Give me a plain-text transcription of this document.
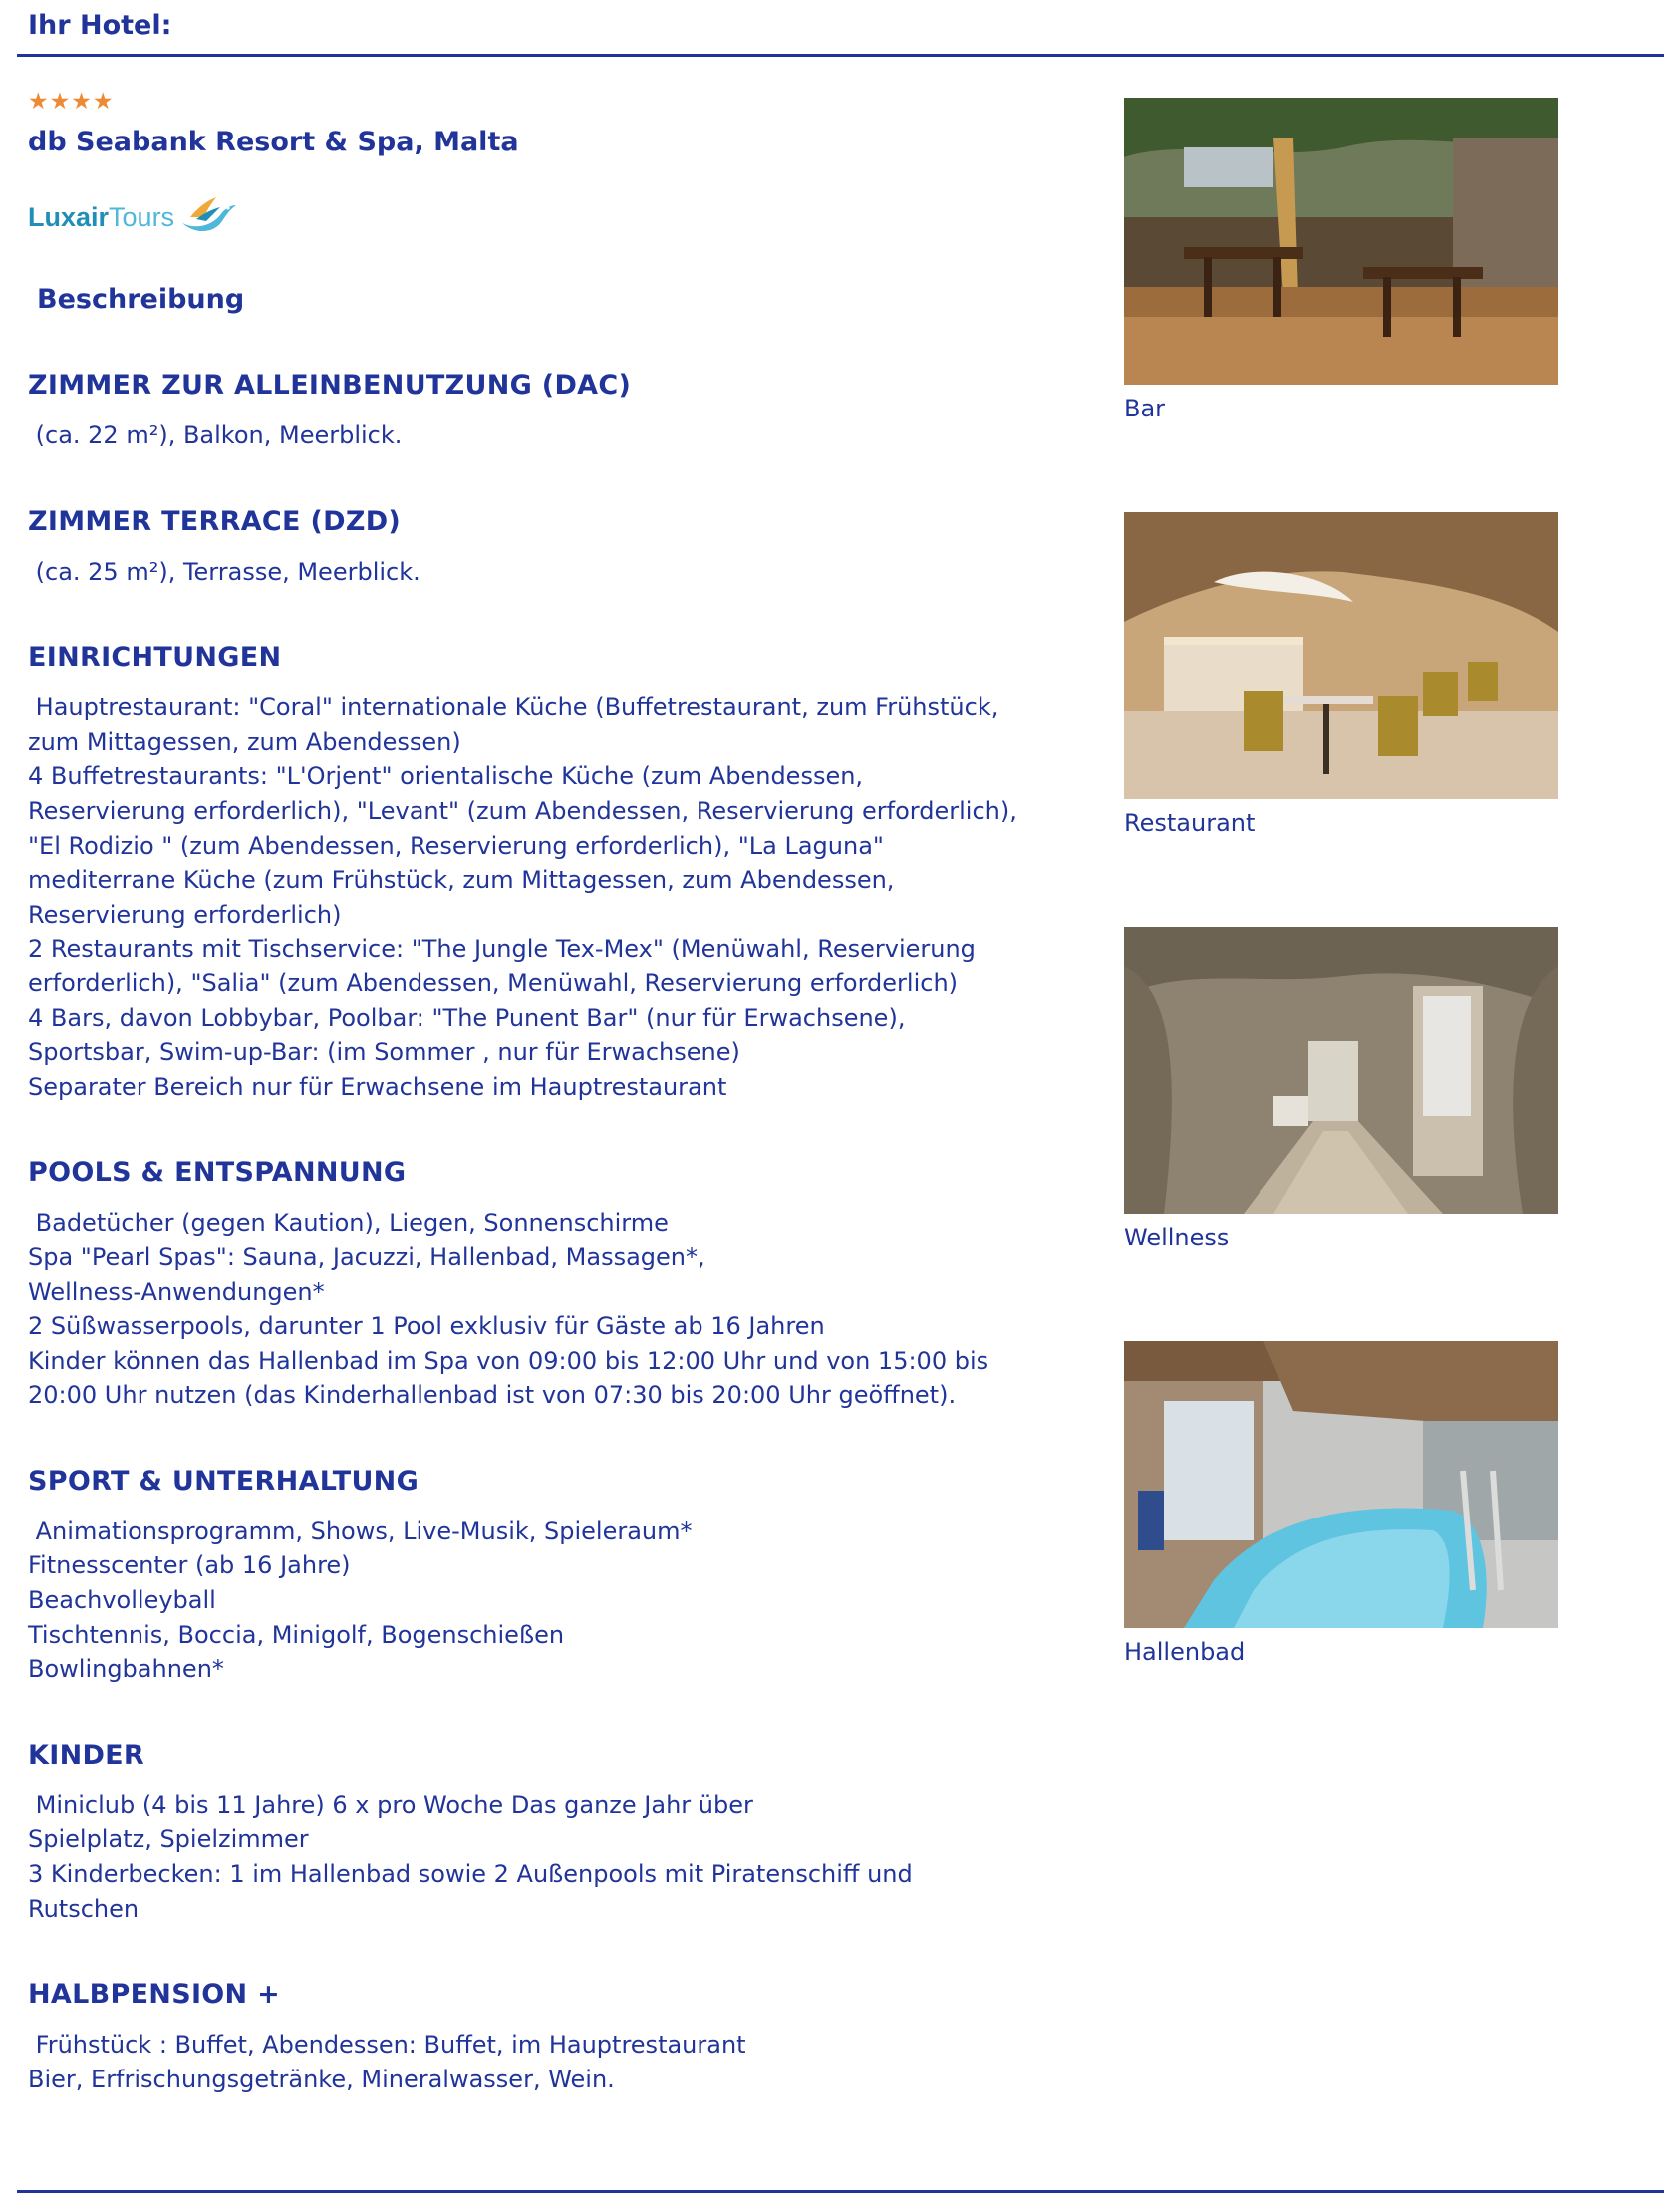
Ihr Hotel:
★★★★
db Seabank Resort & Spa, Malta
LuxairTours
Beschreibung
ZIMMER ZUR ALLEINBENUTZUNG (DAC)
(ca. 22 m²), Balkon, Meerblick.
ZIMMER TERRACE (DZD)
(ca. 25 m²), Terrasse, Meerblick.
EINRICHTUNGEN
Hauptrestaurant: "Coral" internationale Küche (Buffetrestaurant, zum Frühstück,
zum Mittagessen, zum Abendessen)
4 Buffetrestaurants: "L'Orjent" orientalische Küche (zum Abendessen,
Reservierung erforderlich), "Levant" (zum Abendessen, Reservierung erforderlich),
"El Rodizio " (zum Abendessen, Reservierung erforderlich), "La Laguna"
mediterrane Küche (zum Frühstück, zum Mittagessen, zum Abendessen,
Reservierung erforderlich)
2 Restaurants mit Tischservice: "The Jungle Tex-Mex" (Menüwahl, Reservierung
erforderlich), "Salia" (zum Abendessen, Menüwahl, Reservierung erforderlich)
4 Bars, davon Lobbybar, Poolbar: "The Punent Bar" (nur für Erwachsene),
Sportsbar, Swim-up-Bar: (im Sommer , nur für Erwachsene)
Separater Bereich nur für Erwachsene im Hauptrestaurant
POOLS & ENTSPANNUNG
Badetücher (gegen Kaution), Liegen, Sonnenschirme
Spa "Pearl Spas": Sauna, Jacuzzi, Hallenbad, Massagen*,
Wellness-Anwendungen*
2 Süßwasserpools, darunter 1 Pool exklusiv für Gäste ab 16 Jahren
Kinder können das Hallenbad im Spa von 09:00 bis 12:00 Uhr und von 15:00 bis
20:00 Uhr nutzen (das Kinderhallenbad ist von 07:30 bis 20:00 Uhr geöffnet).
SPORT & UNTERHALTUNG
Animationsprogramm, Shows, Live-Musik, Spieleraum*
Fitnesscenter (ab 16 Jahre)
Beachvolleyball
Tischtennis, Boccia, Minigolf, Bogenschießen
Bowlingbahnen*
KINDER
Miniclub (4 bis 11 Jahre) 6 x pro Woche Das ganze Jahr über
Spielplatz, Spielzimmer
3 Kinderbecken: 1 im Hallenbad sowie 2 Außenpools mit Piratenschiff und
Rutschen
HALBPENSION +
Frühstück : Buffet, Abendessen: Buffet, im Hauptrestaurant
Bier, Erfrischungsgetränke, Mineralwasser, Wein.
Bar
Restaurant
Wellness
Hallenbad
